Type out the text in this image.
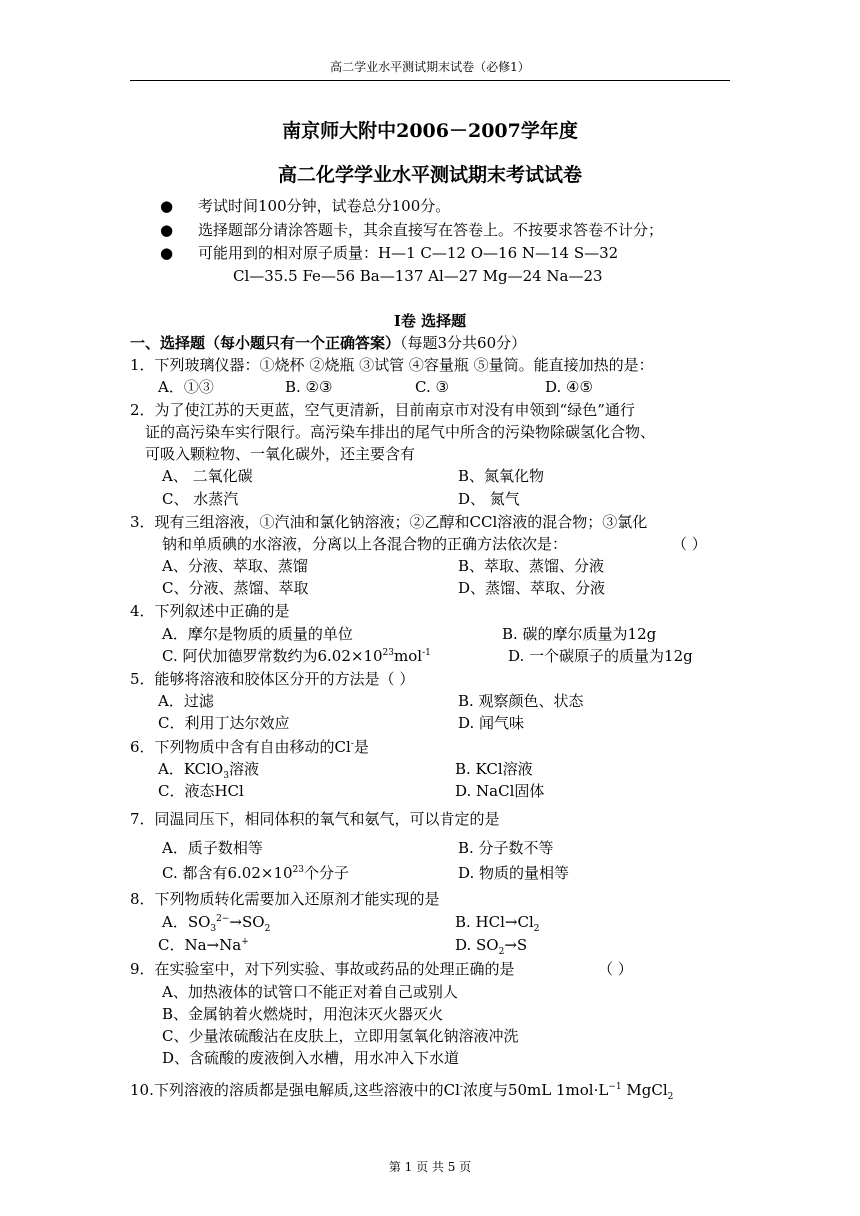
高二学业水平测试期末试卷（必修1）
南京师大附中2006－2007学年度
高二化学学业水平测试期末考试试卷
● 考试时间100分钟，试卷总分100分。
● 选择题部分请涂答题卡，其余直接写在答卷上。不按要求答卷不计分；
● 可能用到的相对原子质量：H—1 C—12 O—16 N—14 S—32
Cl—35.5 Fe—56 Ba—137 Al—27 Mg—24 Na—23
Ⅰ卷 选择题
一、选择题（每小题只有一个正确答案）（每题3分共60分）
1．下列玻璃仪器：①烧杯 ②烧瓶 ③试管 ④容量瓶 ⑤量筒。能直接加热的是：
A．①③	B. ②③	C. ③	D. ④⑤
2．为了使江苏的天更蓝，空气更清新，目前南京市对没有申领到“绿色”通行
证的高污染车实行限行。高污染车排出的尾气中所含的污染物除碳氢化合物、
可吸入颗粒物、一氧化碳外，还主要含有
A、 二氧化碳	B、氮氧化物
C、 水蒸汽	D、 氮气
3．现有三组溶液，①汽油和氯化钠溶液；②乙醇和CCl溶液的混合物；③氯化
钠和单质碘的水溶液，分离以上各混合物的正确方法依次是：	（ ）
A、分液、萃取、蒸馏	B、萃取、蒸馏、分液
C、分液、蒸馏、萃取	D、蒸馏、萃取、分液
4．下列叙述中正确的是
A．摩尔是物质的质量的单位	B. 碳的摩尔质量为12g
C. 阿伏加德罗常数约为$6.02\times 10^{23}mol^{-1}$	D. 一个碳原子的质量为12g
5．能够将溶液和胶体区分开的方法是（ ）
A．过滤	B. 观察颜色、状态
C．利用丁达尔效应	D. 闻气味
6．下列物质中含有自由移动的Cl-是
A．KClO$_3$溶液	B. KCl溶液
C．液态HCl	D. NaCl固体
7．同温同压下，相同体积的氧气和氨气，可以肯定的是
A．质子数相等	B. 分子数不等
C. 都含有$6.02\times 10^{23}$个分子	D. 物质的量相等
8．下列物质转化需要加入还原剂才能实现的是
A．$SO_3^{2-}\to SO_2$	B. $HCl\to Cl_2$
C．Na→Na+	D. $SO_2\to S$
9．在实验室中，对下列实验、事故或药品的处理正确的是	（ ）
A、加热液体的试管口不能正对着自己或别人
B、金属钠着火燃烧时，用泡沫灭火器灭火
C、少量浓硫酸沾在皮肤上，立即用氢氧化钠溶液冲洗
D、含硫酸的废液倒入水槽，用水冲入下水道
10.下列溶液的溶质都是强电解质,这些溶液中的Cl-浓度与50mL $1mol\cdot L^{-1}$ MgCl$_2$
第 1 页 共 5 页
